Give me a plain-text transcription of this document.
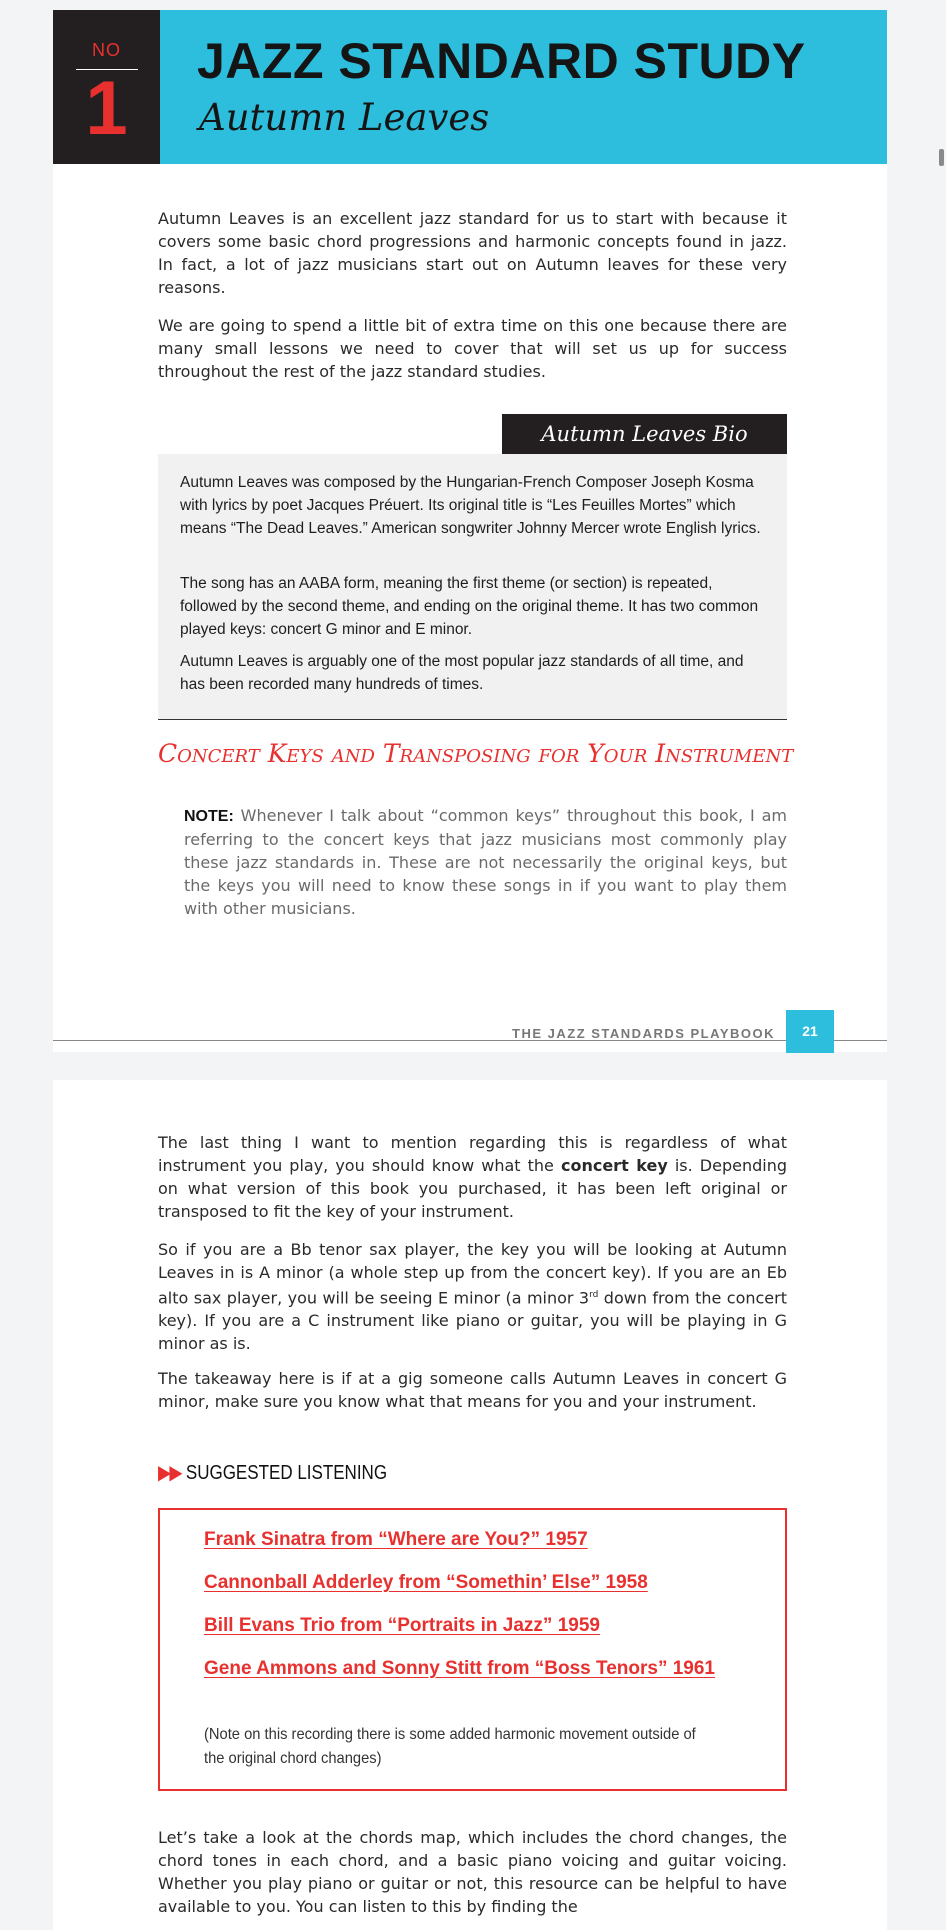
NO
1
JAZZ STANDARD STUDY
Autumn Leaves

Autumn Leaves is an excellent jazz standard for us to start with because it covers some basic chord progressions and harmonic concepts found in jazz. In fact, a lot of jazz musicians start out on Autumn leaves for these very reasons.

We are going to spend a little bit of extra time on this one because there are many small lessons we need to cover that will set us up for success throughout the rest of the jazz standard studies.

Autumn Leaves Bio

Autumn Leaves was composed by the Hungarian-French Composer Joseph Kosma with lyrics by poet Jacques Préuert. Its original title is “Les Feuilles Mortes” which means “The Dead Leaves.” American songwriter Johnny Mercer wrote English lyrics.

The song has an AABA form, meaning the first theme (or section) is repeated, followed by the second theme, and ending on the original theme. It has two common played keys: concert G minor and E minor.

Autumn Leaves is arguably one of the most popular jazz standards of all time, and has been recorded many hundreds of times.

Concert Keys and Transposing for Your Instrument

NOTE: Whenever I talk about “common keys” throughout this book, I am referring to the concert keys that jazz musicians most commonly play these jazz standards in. These are not necessarily the original keys, but the keys you will need to know these songs in if you want to play them with other musicians.

THE JAZZ STANDARDS PLAYBOOK	21

The last thing I want to mention regarding this is regardless of what instrument you play, you should know what the concert key is. Depending on what version of this book you purchased, it has been left original or transposed to fit the key of your instrument.

So if you are a Bb tenor sax player, the key you will be looking at Autumn Leaves in is A minor (a whole step up from the concert key). If you are an Eb alto sax player, you will be seeing E minor (a minor 3rd down from the concert key). If you are a C instrument like piano or guitar, you will be playing in G minor as is.

The takeaway here is if at a gig someone calls Autumn Leaves in concert G minor, make sure you know what that means for you and your instrument.

▶▶ SUGGESTED LISTENING

Frank Sinatra from “Where are You?” 1957

Cannonball Adderley from “Somethin’ Else” 1958

Bill Evans Trio from “Portraits in Jazz” 1959

Gene Ammons and Sonny Stitt from “Boss Tenors” 1961

(Note on this recording there is some added harmonic movement outside of the original chord changes)

Let’s take a look at the chords map, which includes the chord changes, the chord tones in each chord, and a basic piano voicing and guitar voicing. Whether you play piano or guitar or not, this resource can be helpful to have available to you. You can listen to this by finding the
